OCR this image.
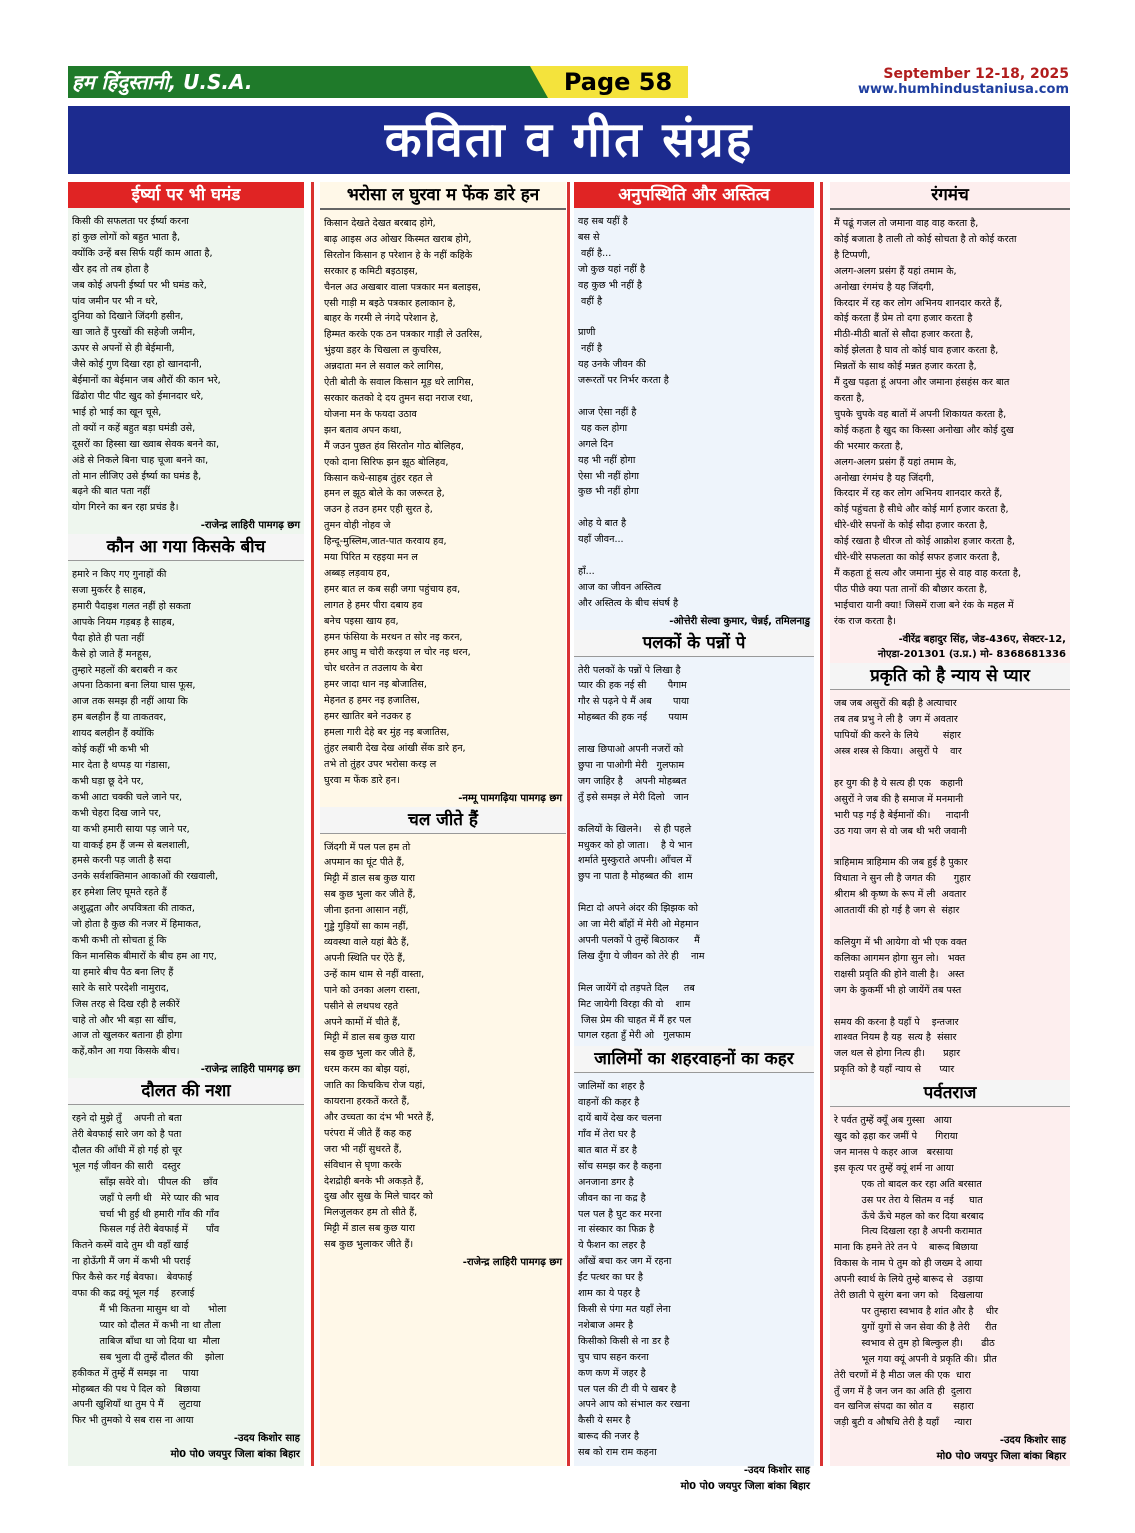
हम हिंदुस्तानी, U.S.A.	Page 58	September 12-18, 2025
www.humhindustaniusa.com
कविता व गीत संग्रह
ईर्ष्या पर भी घमंड
किसी की सफलता पर ईर्ष्या करना
हां कुछ लोगों को बहुत भाता है,
क्योंकि उन्हें बस सिर्फ यहीं काम आता है,
खैर हद तो तब होता है
जब कोई अपनी ईर्ष्या पर भी घमंड करे,
पांव जमीन पर भी न धरे,
दुनिया को दिखाने जिंदगी हसीन,
खा जाते हैं पुरखों की सहेजी जमीन,
ऊपर से अपनों से ही बेईमानी,
जैसे कोई गुण दिखा रहा हो खानदानी,
बेईमानों का बेईमान जब औरों की कान भरे,
ढिंढोरा पीट पीट खुद को ईमानदार धरे,
भाई हो भाई का खून चूसे,
तो क्यों न कहें बहुत बड़ा घमंडी उसे,
दूसरों का हिस्सा खा ख्वाब सेवक बनने का,
अंडे से निकले बिना चाह चूजा बनने का,
तो मान लीजिए उसे ईर्ष्या का घमंड है,
बढ़ने की बात पता नहीं
योग गिरने का बन रहा प्रचंड है।
-राजेन्द्र लाहिरी पामगढ़ छग
कौन आ गया किसके बीच
हमारे न किए गए गुनाहों की
सजा मुकर्रर है साहब,
हमारी पैदाइश गलत नहीं हो सकता
आपके नियम गड़बड़ है साहब,
पैदा होते ही पता नहीं
कैसे हो जाते हैं मनहूस,
तुम्हारे महलों की बराबरी न कर
अपना ठिकाना बना लिया घास फूस,
आज तक समझ ही नहीं आया कि
हम बलहीन हैं या ताकतवर,
शायद बलहीन हैं क्योंकि
कोई कहीं भी कभी भी
मार देता है थप्पड़ या गंडासा,
कभी घड़ा छू देने पर,
कभी आटा चक्की चले जाने पर,
कभी चेहरा दिख जाने पर,
या कभी हमारी साया पड़ जाने पर,
या वाकई हम हैं जन्म से बलशाली,
हमसे करनी पड़ जाती है सदा
उनके सर्वशक्तिमान आकाओं की रखवाली,
हर हमेशा लिए घूमते रहते हैं
अशुद्धता और अपवित्रता की ताकत,
जो होता है कुछ की नजर में हिमाकत,
कभी कभी तो सोचता हूं कि
किन मानसिक बीमारों के बीच हम आ गए,
या हमारे बीच पैठ बना लिए हैं
सारे के सारे परदेशी नामुराद,
जिस तरह से दिख रही है लकीरें
चाहे तो और भी बड़ा सा खींच,
आज तो खुलकर बताना ही होगा
कहें,कौन आ गया किसके बीच।
-राजेन्द्र लाहिरी पामगढ़ छग
दौलत की नशा
रहने दो मुझे तुँ    अपनी तो बता
तेरी बेवफाई सारे जग को है पता
दौलत की आँधी में हो गई हो चूर
भूल गई जीवन की सारी   दस्तुर
साँझ सवेरे वो।   पीपल की    छाँव
जहाँ पे लगी थी   मेरे प्यार की भाव
चर्चा भी हुई थी हमारी गाँव की गाँव
फिसल गई तेरी बेवफाई में      पाँव
कितने कस्में वादे तुम थी वहाँ खाई
ना होऊँगी मैं जग में कभी भी पराई
फिर कैसे कर गई बेवफा।   बेवफाई
वफा की कद्र क्यूं भूल गई    हरजाई
मैं भी कितना मासुम था वो      भोला
प्यार को दौलत में कभी ना था तौला
ताबिज बाँधा था जो दिया था  मौला
सब भुला दी तुम्हें दौलत की    झोला
हकीकत में तुम्हें मैं समझ ना     पाया
मोहब्बत की पथ पे दिल को   बिछाया
अपनी खुशियाँ था तुम पे मैं     लुटाया
फिर भी तुमको ये सब रास ना आया
-उदय किशोर साह
मो0 पो0 जयपुर जिला बांका बिहार
भरोसा ल घुरवा म फेंक डारे हन
किसान देखते देखत बरबाद होगे,
बाढ़ आइस अउ ओखर किस्मत खराब होगे,
सिरतोन किसान ह परेशान हे के नहीं कहिके
सरकार ह कमिटी बइठाइस,
चैनल अउ अखबार वाला पत्रकार मन बलाइस,
एसी गाड़ी म बइठे पत्रकार हलाकान हे,
बाहर के गरमी ले नंगदे परेशान हे,
हिम्मत करके एक ठन पत्रकार गाड़ी ले उतरिस,
भुंइया डहर के चिखला ल कुचरिस,
अन्नदाता मन ले सवाल करे लागिस,
ऐती बोती के सवाल किसान मूड़ धरे लागिस,
सरकार कतको दे दय तुमन सदा नराज रथा,
योजना मन के फयदा उठाव
झन बताव अपन कथा,
मैं जउन पुछत हंव सिरतोन गोठ बोलिहव,
एको दाना सिरिफ झन झूठ बोलिहव,
किसान कथे-साहब तुंहर रहत ले
हमन ल झूठ बोले के का जरूरत हे,
जउन हे तउन हमर एही सुरत हे,
तुमन वोही नोहव जे
हिन्दू-मुस्लिम,जात-पात करवाय हव,
मया पिरित म रहइया मन ल
अब्बड़ लड़वाय हव,
हमर बात ल कब सही जगा पहुंचाय हव,
लागत हे हमर पीरा दबाय हव
बनेच पइसा खाय हव,
हमन फंसिया के मरथन त सोर नइ करन,
हमर आघु म चोरी करइया ल चोर नइ धरन,
चोर धरतेन त तउलाय के बेरा
हमर जादा धान नइ बोजातिस,
मेहनत ह हमर नइ हजातिस,
हमर खातिर बने नउकर ह
हमला गारी देहे बर मुंह नइ बजातिस,
तुंहर लबारी देख देख आंखी सेंक डारे हन,
तभे तो तुंहर उपर भरोसा करइ ल
घुरवा म फेंक डारे हन।
-नम्मू पामगढ़िया पामगढ़ छग
चल जीते हैं
जिंदगी में पल पल हम तो
अपमान का घूंट पीते हैं,
मिट्टी में डाल सब कुछ यारा
सब कुछ भुला कर जीते हैं,
जीना इतना आसान नहीं,
गुड्डे गुड़ियों सा काम नहीं,
व्यवस्था वाले यहां बैठे हैं,
अपनी स्थिति पर ऐंठे हैं,
उन्हें काम धाम से नहीं वास्ता,
पाने को उनका अलग रास्ता,
पसीने से लथपथ रहते
अपने कामों में चीते हैं,
मिट्टी में डाल सब कुछ यारा
सब कुछ भुला कर जीते हैं,
धरम करम का बोझ यहां,
जाति का किचकिच रोज यहां,
कायराना हरकतें करते हैं,
और उच्चता का दंभ भी भरते हैं,
परंपरा में जीते हैं कह कह
जरा भी नहीं सुधरते हैं,
संविधान से घृणा करके
देशद्रोही बनके भी अकड़ते हैं,
दुख और सुख के मिले चादर को
मिलजुलकर हम तो सीते हैं,
मिट्टी में डाल सब कुछ यारा
सब कुछ भुलाकर जीते हैं।
-राजेन्द्र लाहिरी पामगढ़ छग
अनुपस्थिति और अस्तित्व
वह सब यहीं है
बस से
वहीं है...
जो कुछ यहां नहीं है
वह कुछ भी नहीं है
वहीं है

प्राणी
नहीं है
यह उनके जीवन की
जरूरतों पर निर्भर करता है

आज ऐसा नहीं है
यह कल होगा
अगले दिन
यह भी नहीं होगा
ऐसा भी नहीं होगा
कुछ भी नहीं होगा

ओह ये बात है
यहाँ जीवन...

हाँ...
आज का जीवन अस्तित्व
और अस्तित्व के बीच संघर्ष है
-ओत्तेरी सेल्वा कुमार, चेन्नई, तमिलनाडु
पलकों के पन्नों पे
तेरी पलकों के पन्नों पे लिखा है
प्यार की हक नई सी       पैगाम
गौर से पढ़ने पे मैं अब       पाया
मोहब्बत की हक नई       पयाम

लाख छिपाओ अपनी नजरों को
छुपा ना पाओगी मेरी   गुलफाम
जग जाहिर है    अपनी मोहब्बत
तुँ इसे समझ ले मेरी दिलो   जान

कलियों के खिलने।    से ही पहले
मधुकर को हो जाता।    है ये भान
शर्माते मुस्कुराते अपनी। आँचल में
छुप ना पाता है मोहब्बत की  शाम

मिटा दो अपने अंदर की झिझक को
आ जा मेरी बाँहों में मेरी ओ मेहमान
अपनी पलकों पे तुम्हें बिठाकर     मैं
लिख दुँगा ये जीवन को तेरे ही    नाम

मिल जायेंगें दो तड़पते दिल     तब
मिट जायेगी विरहा की वो    शाम
जिस प्रेम की चाहत में मैं हर पल
पागल रहता हुँ मेरी ओ   गुलफाम
जालिमों का शहरवाहनों का कहर
जालिमों का शहर है
वाहनों की कहर है
दायें बायें देख कर चलना
गाँव में तेरा घर है
बात बात में डर है
सोंच समझ कर है कहना
अनजाना डगर है
जीवन का ना कद्र है
पल पल है घुट कर मरना
ना संस्कार का फिक्र है
ये फैशन का लहर है
आँखें बचा कर जग में रहना
ईंट पत्थर का घर है
शाम का ये पहर है
किसी से पंगा मत यहाँ लेना
नशेबाज अमर है
किसीको किसी से ना डर है
चुप चाप सहन करना
कण कण में जहर है
पल पल की टी वी पे खबर है
अपने आप को संभाल कर रखना
कैसी ये समर है
बारूद की नजर है
सब को राम राम कहना
-उदय किशोर साह
मो0 पो0 जयपुर जिला बांका बिहार
रंगमंच
मैं पढूं गजल तो जमाना वाह वाह करता है,
कोई बजाता है ताली तो कोई सोचता है तो कोई करता
है टिप्पणी,
अलग-अलग प्रसंग हैं यहां तमाम के,
अनोखा रंगमंच है यह जिंदगी,
किरदार में रह कर लोग अभिनय शानदार करते हैं,
कोई करता हैं प्रेम तो दगा हजार करता है
मीठी-मीठी बातों से सौदा हजार करता है,
कोई झेलता है घाव तो कोई घाव हजार करता है,
मिन्नतों के साथ कोई मन्नत हजार करता है,
मैं दुख पढ़ता हूं अपना और जमाना हंसहंस कर बात
करता है,
चुपके चुपके वह बातों में अपनी शिकायत करता है,
कोई कहता है खुद का किस्सा अनोखा और कोई दुख
की भरमार करता है,
अलग-अलग प्रसंग हैं यहां तमाम के,
अनोखा रंगमंच है यह जिंदगी,
किरदार में रह कर लोग अभिनय शानदार करते हैं,
कोई पहुंचता है सीधे और कोई मार्ग हजार करता है,
धीरे-धीरे सपनों के कोई सौदा हजार करता है,
कोई रखता है धीरज तो कोई आक्रोश हजार करता है,
धीरे-धीरे सफलता का कोई सफर हजार करता है,
मैं कहता हूं सत्य और जमाना मुंह से वाह वाह करता है,
पीठ पीछे क्या पता तानों की बौछार करता है,
भाईचारा यानी क्या! जिसमें राजा बने रंक के महल में
रंक राज करता है।
-वीरेंद्र बहादुर सिंह, जेड-436ए, सेक्टर-12,
नोएडा-201301 (उ.प्र.) मो- 8368681336
प्रकृति को है न्याय से प्यार
जब जब असुरों की बढ़ी है अत्याचार
तब तब प्रभु ने ली है  जग में अवतार
पापियों की करने के लिये        संहार
अस्त्र शस्त्र से किया।  असुरों पे    वार

हर युग की है ये सत्य ही एक   कहानी
असुरों ने जब की है समाज में मनमानी
भारी पड़ गई है बेईमानों की।     नादानी
उठ गया जग से वो जब थी भरी जवानी

त्राहिमाम त्राहिमाम की जब हुई है पुकार
विधाता ने सुन ली है जगत की      गुहार
श्रीराम श्री कृष्ण के रूप में ली  अवतार
आततायीं की हो गई है जग से  संहार

कलियुग में भी आयेगा वो भी एक वक्त
कलिका आगमन होगा सुन लो।   भक्त
राक्षसी प्रवृति की होने वाली है।   अस्त
जग के कुकर्मी भी हो जायेंगें तब पस्त

समय की करना है यहाँ पे    इन्तजार
शाश्वत नियम है यह  सत्य है  संसार
जल थल से होगा नित्य ही।      प्रहार
प्रकृति को है यहाँ न्याय से      प्यार
पर्वतराज
रे पर्वत तुम्हें क्यूँ अब गुस्सा   आया
खुद को ढ़हा कर जमीं पे      गिराया
जन मानस पे कहर आज   बरसाया
इस कृत्य पर तुम्हें क्यूं शर्म ना आया
एक तो बादल कर रहा अति बरसात
उस पर तेरा ये सितम व नई     घात
ऊँचे ऊँचे महल को कर दिया बरबाद
नित्य दिखला रहा है अपनी करामात
माना कि हमने तेरे तन पे    बारूद बिछाया
विकास के नाम पे तुम को ही जख्म दे आया
अपनी स्वार्थ के लिये तुम्हे बारूद से   उड़ाया
तेरी छाती पे सुरंग बना जग को    दिखलाया
पर तुम्हारा स्वभाव है शांत और है    धीर
युगों युगों से जन सेवा की है तेरी     रीत
स्वभाव से तुम हो बिल्कुल ही।      ढीठ
भूल गया क्यूं अपनी वे प्रकृति की।  प्रीत
तेरी चरणों में है मीठा जल की एक  धारा
तुँ जग में है जन जन का अति ही  दुलारा
वन खनिज संपदा का स्रोत व       सहारा
जड़ी बुटी व औषधि तेरी है यहाँ     न्यारा
-उदय किशोर साह
मो0 पो0 जयपुर जिला बांका बिहार
